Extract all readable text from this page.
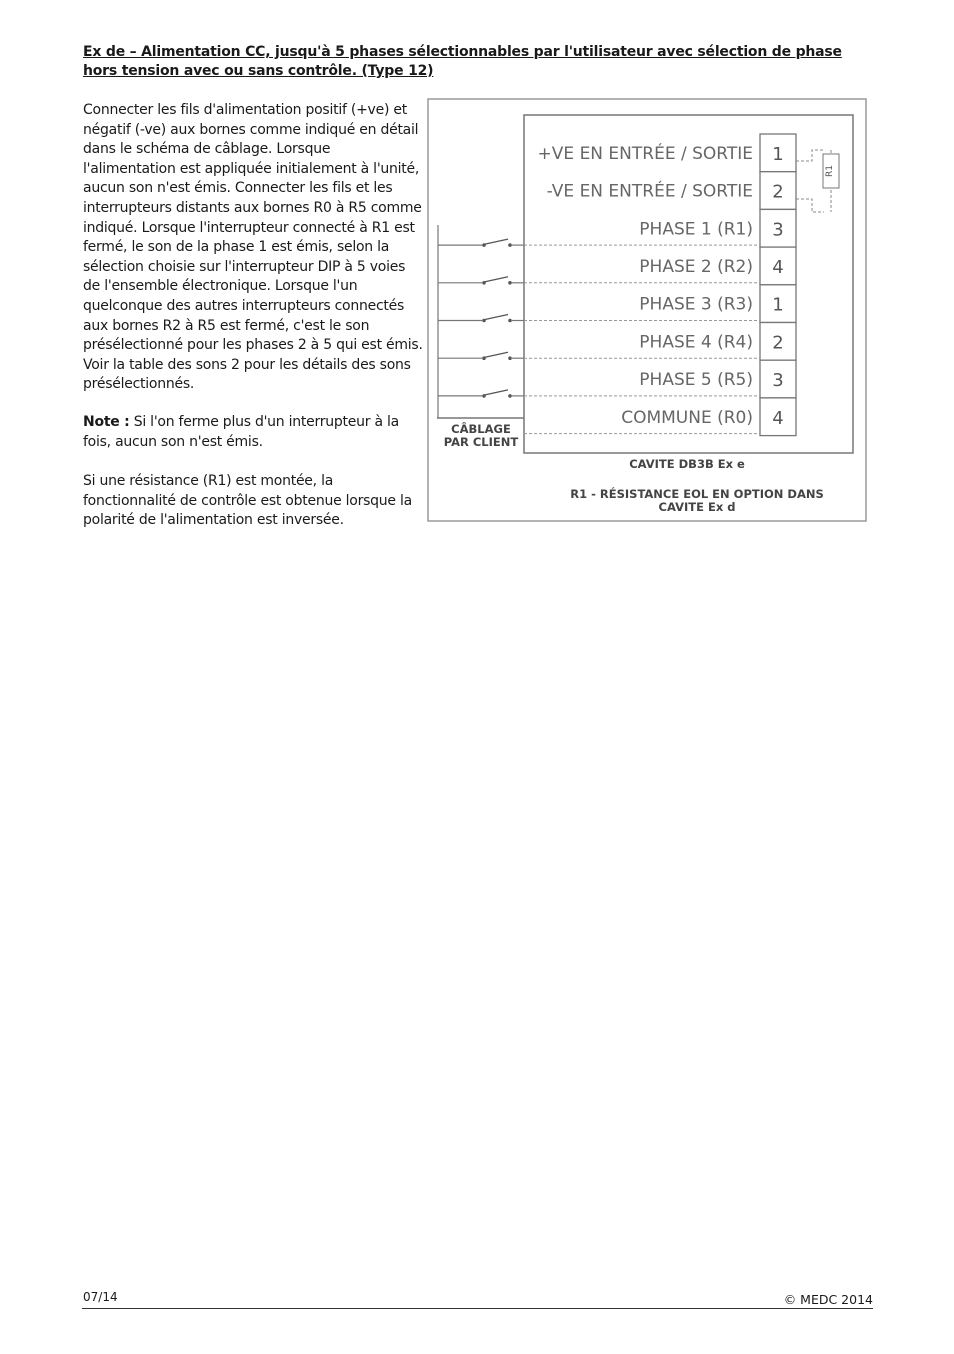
Ex de – Alimentation CC, jusqu'à 5 phases sélectionnables par l'utilisateur avec sélection de phase hors tension avec ou sans contrôle. (Type 12)
Connecter les fils d'alimentation positif (+ve) et négatif (-ve) aux bornes comme indiqué en détail dans le schéma de câblage. Lorsque l'alimentation est appliquée initialement à l'unité, aucun son n'est émis. Connecter les fils et les interrupteurs distants aux bornes R0 à R5 comme indiqué. Lorsque l'interrupteur connecté à R1 est fermé, le son de la phase 1 est émis, selon la sélection choisie sur l'interrupteur DIP à 5 voies de l'ensemble électronique. Lorsque l'un quelconque des autres interrupteurs connectés aux bornes R2 à R5 est fermé, c'est le son présélectionné pour les phases 2 à 5 qui est émis. Voir la table des sons 2 pour les détails des sons présélectionnés.
Note : Si l'on ferme plus d'un interrupteur à la fois, aucun son n'est émis.
Si une résistance (R1) est montée, la fonctionnalité de contrôle est obtenue lorsque la polarité de l'alimentation est inversée.
1
+VE EN ENTRÉE / SORTIE
2
-VE EN ENTRÉE / SORTIE
3
PHASE 1 (R1)
4
PHASE 2 (R2)
1
PHASE 3 (R3)
2
PHASE 4 (R4)
3
PHASE 5 (R5)
4
COMMUNE (R0)
R1
CÂBLAGE
PAR CLIENT
CAVITE DB3B Ex e
R1 - RÉSISTANCE EOL EN OPTION DANS
CAVITE Ex d
07/14	© MEDC 2014
